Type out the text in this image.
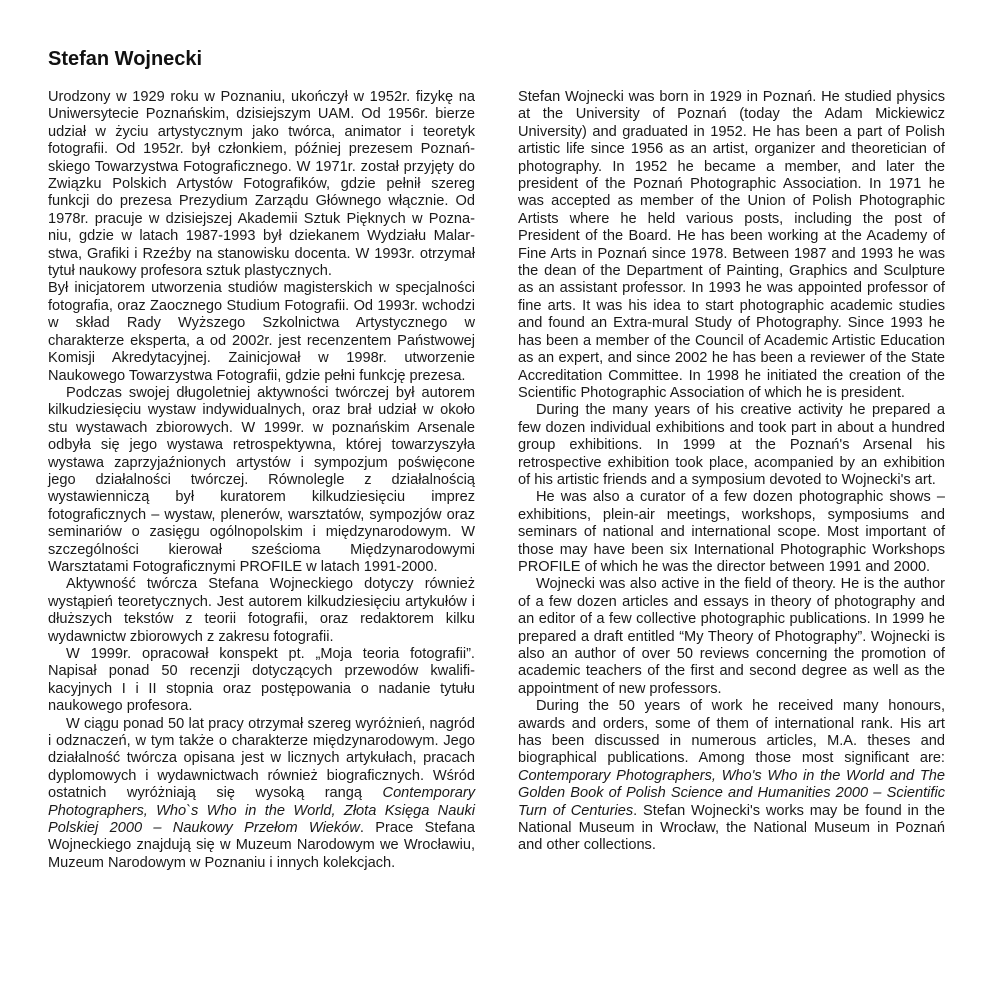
Stefan Wojnecki

Urodzony w 1929 roku w Poznaniu, ukończył w 1952r. fizykę na Uniwersytecie Poznańskim, dzisiejszym UAM. Od 1956r. bierze udział w życiu artystycznym jako twórca, animator i teoretyk fotografii. Od 1952r. był członkiem, później prezesem Poznańskiego Towarzystwa Fotograficznego. W 1971r. został przyjęty do Związku Polskich Artystów Fotografików, gdzie pełnił szereg funkcji do prezesa Prezydium Zarządu Głównego włącznie. Od 1978r. pracuje w dzisiejszej Akademii Sztuk Pięknych w Poznaniu, gdzie w latach 1987-1993 był dziekanem Wydziału Malarstwa, Grafiki i Rzeźby na stanowisku docenta. W 1993r. otrzymał tytuł naukowy profesora sztuk plastycznych.

Był inicjatorem utworzenia studiów magisterskich w specjalności fotografia, oraz Zaocznego Studium Fotografii. Od 1993r. wchodzi w skład Rady Wyższego Szkolnictwa Artystycznego w charakterze eksperta, a od 2002r. jest recenzentem Państwowej Komisji Akredytacyjnej. Zainicjował w 1998r. utworzenie Naukowego Towarzystwa Fotografii, gdzie pełni funkcję prezesa.

Podczas swojej długoletniej aktywności twórczej był autorem kilkudziesięciu wystaw indywidualnych, oraz brał udział w około stu wystawach zbiorowych. W 1999r. w poznańskim Arsenale odbyła się jego wystawa retrospektywna, której towarzyszyła wystawa zaprzyjaźnionych artystów i sympozjum poświęcone jego działalności twórczej. Równolegle z działalnością wystawienniczą był kuratorem kilkudziesięciu imprez fotograficznych – wystaw, plenerów, warsztatów, sympozjów oraz seminariów o zasięgu ogólnopolskim i międzynarodowym. W szczególności kierował sześcioma Międzynarodowymi Warsztatami Fotograficznymi PROFILE w latach 1991-2000.

Aktywność twórcza Stefana Wojneckiego dotyczy również wystąpień teoretycznych. Jest autorem kilkudziesięciu artykułów i dłuższych tekstów z teorii fotografii, oraz redaktorem kilku wydawnictw zbiorowych z zakresu fotografii.

W 1999r. opracował konspekt pt. „Moja teoria fotografii”. Napisał ponad 50 recenzji dotyczących przewodów kwalifikacyjnych I i II stopnia oraz postępowania o nadanie tytułu naukowego profesora.

W ciągu ponad 50 lat pracy otrzymał szereg wyróżnień, nagród i odznaczeń, w tym także o charakterze międzynarodowym. Jego działalność twórcza opisana jest w licznych artykułach, pracach dyplomowych i wydawnictwach również biograficznych. Wśród ostatnich wyróżniają się wysoką rangą Contemporary Photographers, Who`s Who in the World, Złota Księga Nauki Polskiej 2000 – Naukowy Przełom Wieków. Prace Stefana Wojneckiego znajdują się w Muzeum Narodowym we Wrocławiu, Muzeum Narodowym w Poznaniu i innych kolekcjach.

Stefan Wojnecki was born in 1929 in Poznań. He studied physics at the University of Poznań (today the Adam Mickiewicz University) and graduated in 1952. He has been a part of Polish artistic life since 1956 as an artist, organizer and theoretician of photography. In 1952 he became a member, and later the president of the Poznań Photographic Association. In 1971 he was accepted as member of the Union of Polish Photographic Artists where he held various posts, including the post of President of the Board. He has been working at the Academy of Fine Arts in Poznań since 1978. Between 1987 and 1993 he was the dean of the Department of Painting, Graphics and Sculpture as an assistant professor. In 1993 he was appointed professor of fine arts. It was his idea to start photographic academic studies and found an Extra-mural Study of Photography. Since 1993 he has been a member of the Council of Academic Artistic Education as an expert, and since 2002 he has been a reviewer of the State Accreditation Committee. In 1998 he initiated the creation of the Scientific Photographic Association of which he is president.

During the many years of his creative activity he prepared a few dozen individual exhibitions and took part in about a hundred group exhibitions. In 1999 at the Poznań's Arsenal his retrospective exhibition took place, acompanied by an exhibition of his artistic friends and a symposium devoted to Wojnecki's art.

He was also a curator of a few dozen photographic shows – exhibitions, plein-air meetings, workshops, symposiums and seminars of national and international scope. Most important of those may have been six International Photographic Workshops PROFILE of which he was the director between 1991 and 2000.

Wojnecki was also active in the field of theory. He is the author of a few dozen articles and essays in theory of photography and an editor of a few collective photographic publications. In 1999 he prepared a draft entitled “My Theory of Photography”. Wojnecki is also an author of over 50 reviews concerning the promotion of academic teachers of the first and second degree as well as the appointment of new professors.

During the 50 years of work he received many honours, awards and orders, some of them of international rank. His art has been discussed in numerous articles, M.A. theses and biographical publications. Among those most significant are: Contemporary Photographers, Who's Who in the World and The Golden Book of Polish Science and Humanities 2000 – Scientific Turn of Centuries. Stefan Wojnecki's works may be found in the National Museum in Wrocław, the National Museum in Poznań and other collections.
